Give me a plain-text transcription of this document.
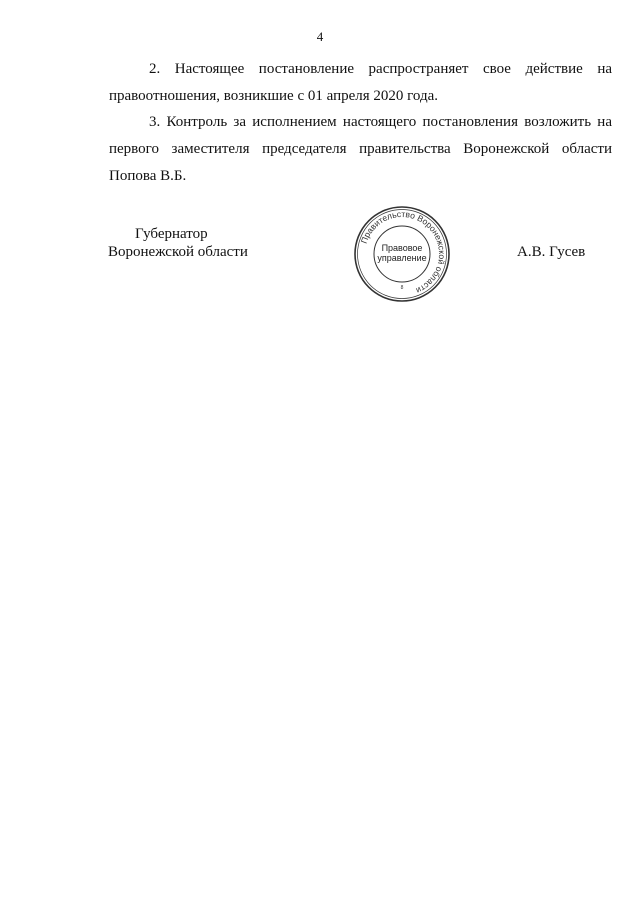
4
2. Настоящее постановление распространяет свое действие на
правоотношения, возникшие с 01 апреля 2020 года.
3. Контроль за исполнением настоящего постановления возложить на
первого заместителя председателя правительства Воронежской области
Попова В.Б.
Губернатор
Воронежской области	А.В. Гусев
Правительство Воронежской области
Правовое
управление
8
